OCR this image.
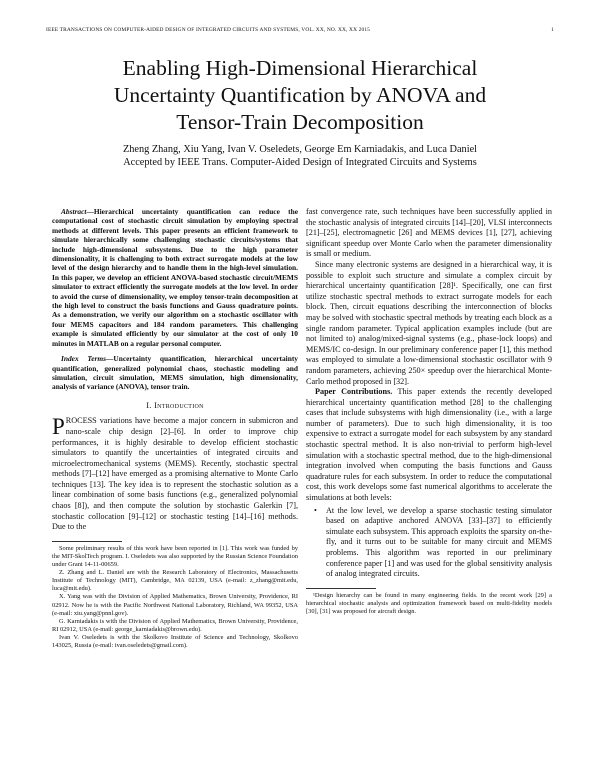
IEEE TRANSACTIONS ON COMPUTER-AIDED DESIGN OF INTEGRATED CIRCUITS AND SYSTEMS, VOL. XX, NO. XX, XX 2015	1
Enabling High-Dimensional Hierarchical
Uncertainty Quantification by ANOVA and
Tensor-Train Decomposition
Zheng Zhang, Xiu Yang, Ivan V. Oseledets, George Em Karniadakis, and Luca Daniel
Accepted by IEEE Trans. Computer-Aided Design of Integrated Circuits and Systems

Abstract—Hierarchical uncertainty quantification can reduce the computational cost of stochastic circuit simulation by employing spectral methods at different levels. This paper presents an efficient framework to simulate hierarchically some challenging stochastic circuits/systems that include high-dimensional subsystems. Due to the high parameter dimensionality, it is challenging to both extract surrogate models at the low level of the design hierarchy and to handle them in the high-level simulation. In this paper, we develop an efficient ANOVA-based stochastic circuit/MEMS simulator to extract efficiently the surrogate models at the low level. In order to avoid the curse of dimensionality, we employ tensor-train decomposition at the high level to construct the basis functions and Gauss quadrature points. As a demonstration, we verify our algorithm on a stochastic oscillator with four MEMS capacitors and 184 random parameters. This challenging example is simulated efficiently by our simulator at the cost of only 10 minutes in MATLAB on a regular personal computer.

Index Terms—Uncertainty quantification, hierarchical uncertainty quantification, generalized polynomial chaos, stochastic modeling and simulation, circuit simulation, MEMS simulation, high dimensionality, analysis of variance (ANOVA), tensor train.

I. Introduction

PROCESS variations have become a major concern in submicron and nano-scale chip design [2]–[6]. In order to improve chip performances, it is highly desirable to develop efficient stochastic simulators to quantify the uncertainties of integrated circuits and microelectromechanical systems (MEMS). Recently, stochastic spectral methods [7]–[12] have emerged as a promising alternative to Monte Carlo techniques [13]. The key idea is to represent the stochastic solution as a linear combination of some basis functions (e.g., generalized polynomial chaos [8]), and then compute the solution by stochastic Galerkin [7], stochastic collocation [9]–[12] or stochastic testing [14]–[16] methods. Due to the

Some preliminary results of this work have been reported in [1]. This work was funded by the MIT-SkolTech program. I. Oseledets was also supported by the Russian Science Foundation under Grant 14-11-00659.

Z. Zhang and L. Daniel are with the Research Laboratory of Electronics, Massachusetts Institute of Technology (MIT), Cambridge, MA 02139, USA (e-mail: z_zhang@mit.edu, luca@mit.edu).

X. Yang was with the Division of Applied Mathematics, Brown University, Providence, RI 02912. Now he is with the Pacific Northwest National Laboratory, Richland, WA 99352, USA (e-mail: xiu.yang@pnnl.gov).

G. Karniadakis is with the Division of Applied Mathematics, Brown University, Providence, RI 02912, USA (e-mail: george_karniadakis@brown.edu).

Ivan V. Oseledets is with the Skolkovo Institute of Science and Technology, Skolkovo 143025, Russia (e-mail: ivan.oseledets@gmail.com).

fast convergence rate, such techniques have been successfully applied in the stochastic analysis of integrated circuits [14]–[20], VLSI interconnects [21]–[25], electromagnetic [26] and MEMS devices [1], [27], achieving significant speedup over Monte Carlo when the parameter dimensionality is small or medium.

Since many electronic systems are designed in a hierarchical way, it is possible to exploit such structure and simulate a complex circuit by hierarchical uncertainty quantification [28]¹. Specifically, one can first utilize stochastic spectral methods to extract surrogate models for each block. Then, circuit equations describing the interconnection of blocks may be solved with stochastic spectral methods by treating each block as a single random parameter. Typical application examples include (but are not limited to) analog/mixed-signal systems (e.g., phase-lock loops) and MEMS/IC co-design. In our preliminary conference paper [1], this method was employed to simulate a low-dimensional stochastic oscillator with 9 random parameters, achieving 250× speedup over the hierarchical Monte-Carlo method proposed in [32].

Paper Contributions. This paper extends the recently developed hierarchical uncertainty quantification method [28] to the challenging cases that include subsystems with high dimensionality (i.e., with a large number of parameters). Due to such high dimensionality, it is too expensive to extract a surrogate model for each subsystem by any standard stochastic spectral method. It is also non-trivial to perform high-level simulation with a stochastic spectral method, due to the high-dimensional integration involved when computing the basis functions and Gauss quadrature rules for each subsystem. In order to reduce the computational cost, this work develops some fast numerical algorithms to accelerate the simulations at both levels:

• At the low level, we develop a sparse stochastic testing simulator based on adaptive anchored ANOVA [33]–[37] to efficiently simulate each subsystem. This approach exploits the sparsity on-the-fly, and it turns out to be suitable for many circuit and MEMS problems. This algorithm was reported in our preliminary conference paper [1] and was used for the global sensitivity analysis of analog integrated circuits.

¹Design hierarchy can be found in many engineering fields. In the recent work [29] a hierarchical stochastic analysis and optimization framework based on multi-fidelity models [30], [31] was proposed for aircraft design.
